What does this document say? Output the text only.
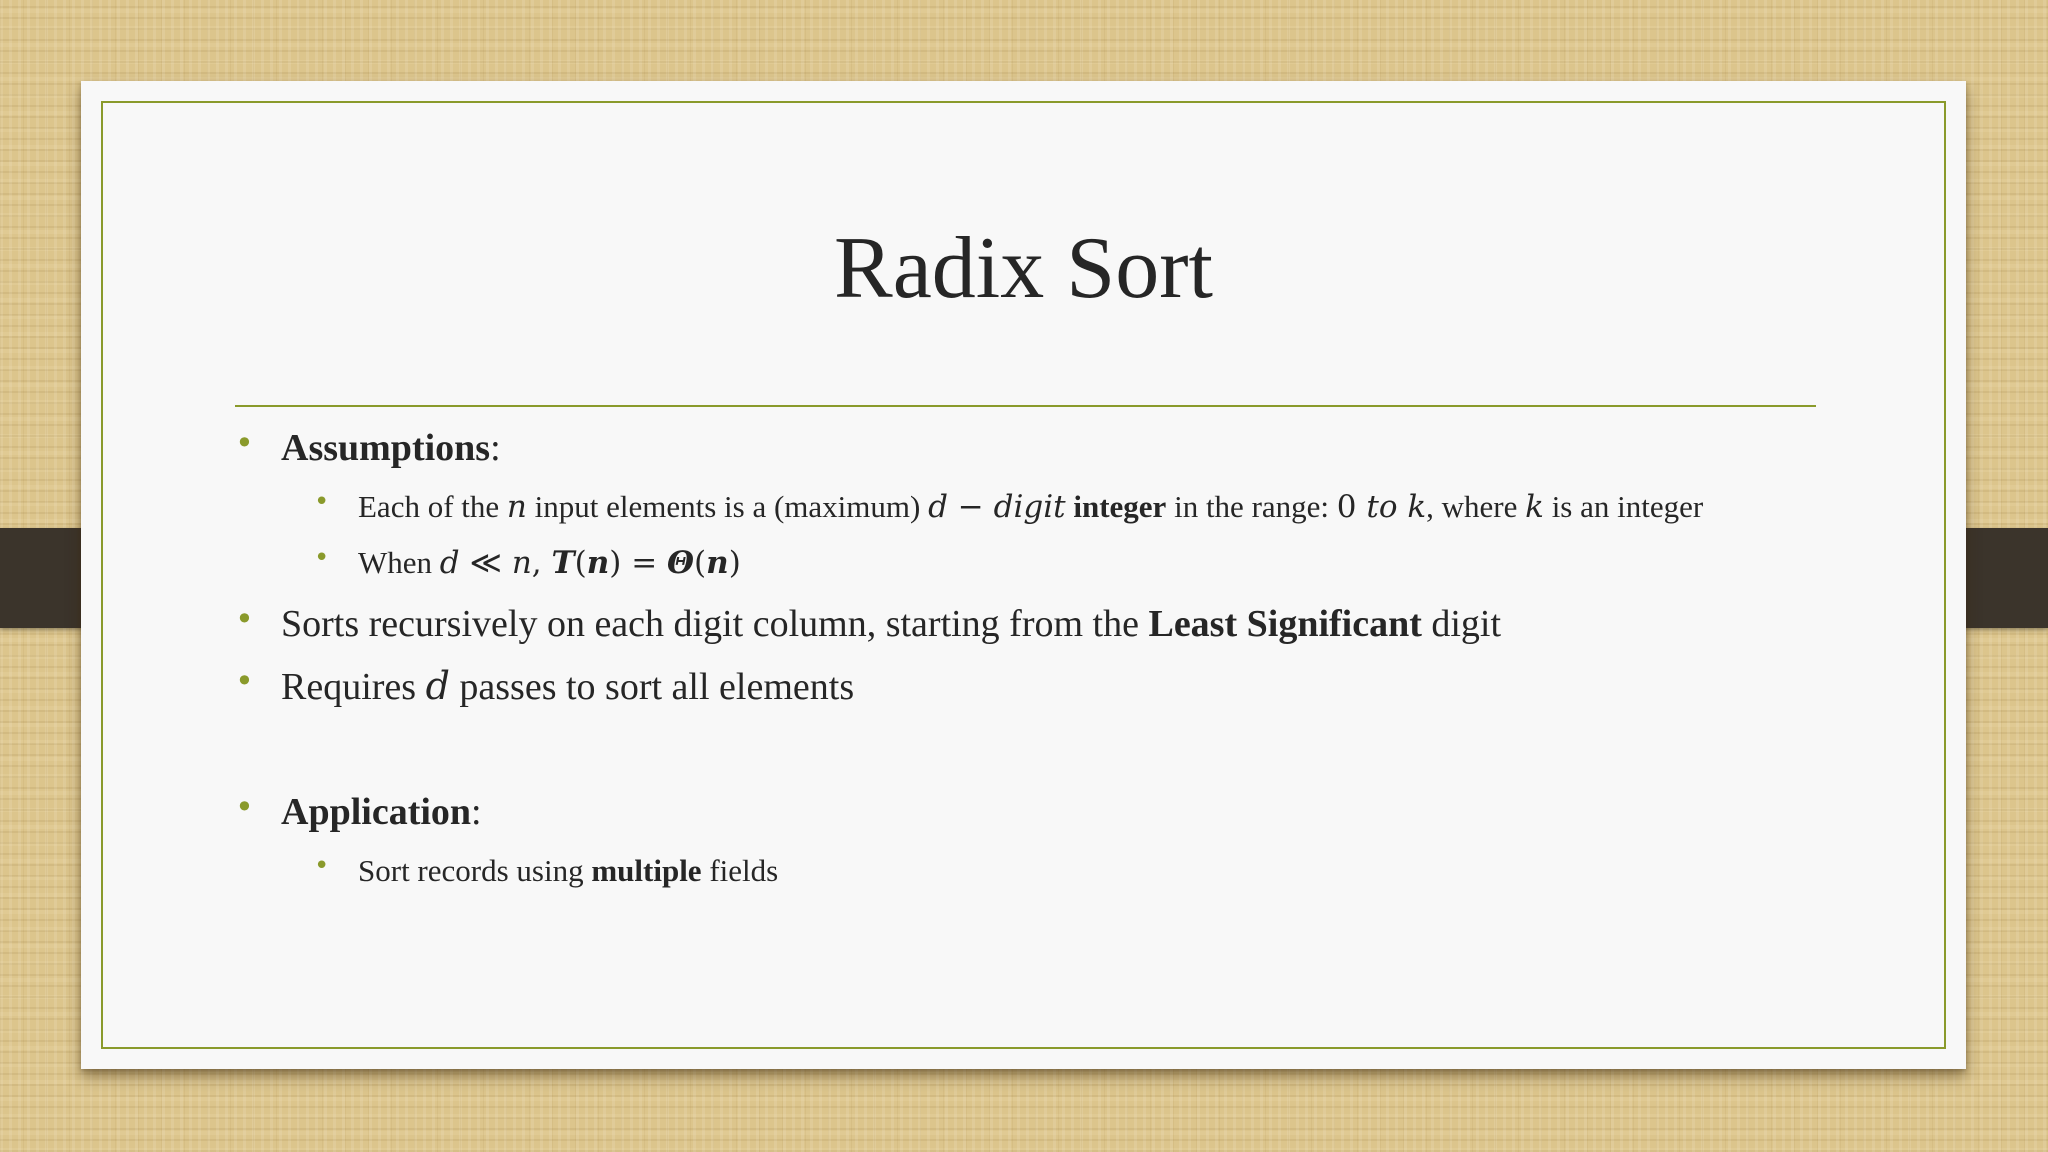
Radix Sort
• Assumptions:
• Each of the n input elements is a (maximum) d − digit integer in the range: 0 to k, where k is an integer
• When d ≪ n, T(n) = Θ(n)
• Sorts recursively on each digit column, starting from the Least Significant digit
• Requires d passes to sort all elements
• Application:
• Sort records using multiple fields
